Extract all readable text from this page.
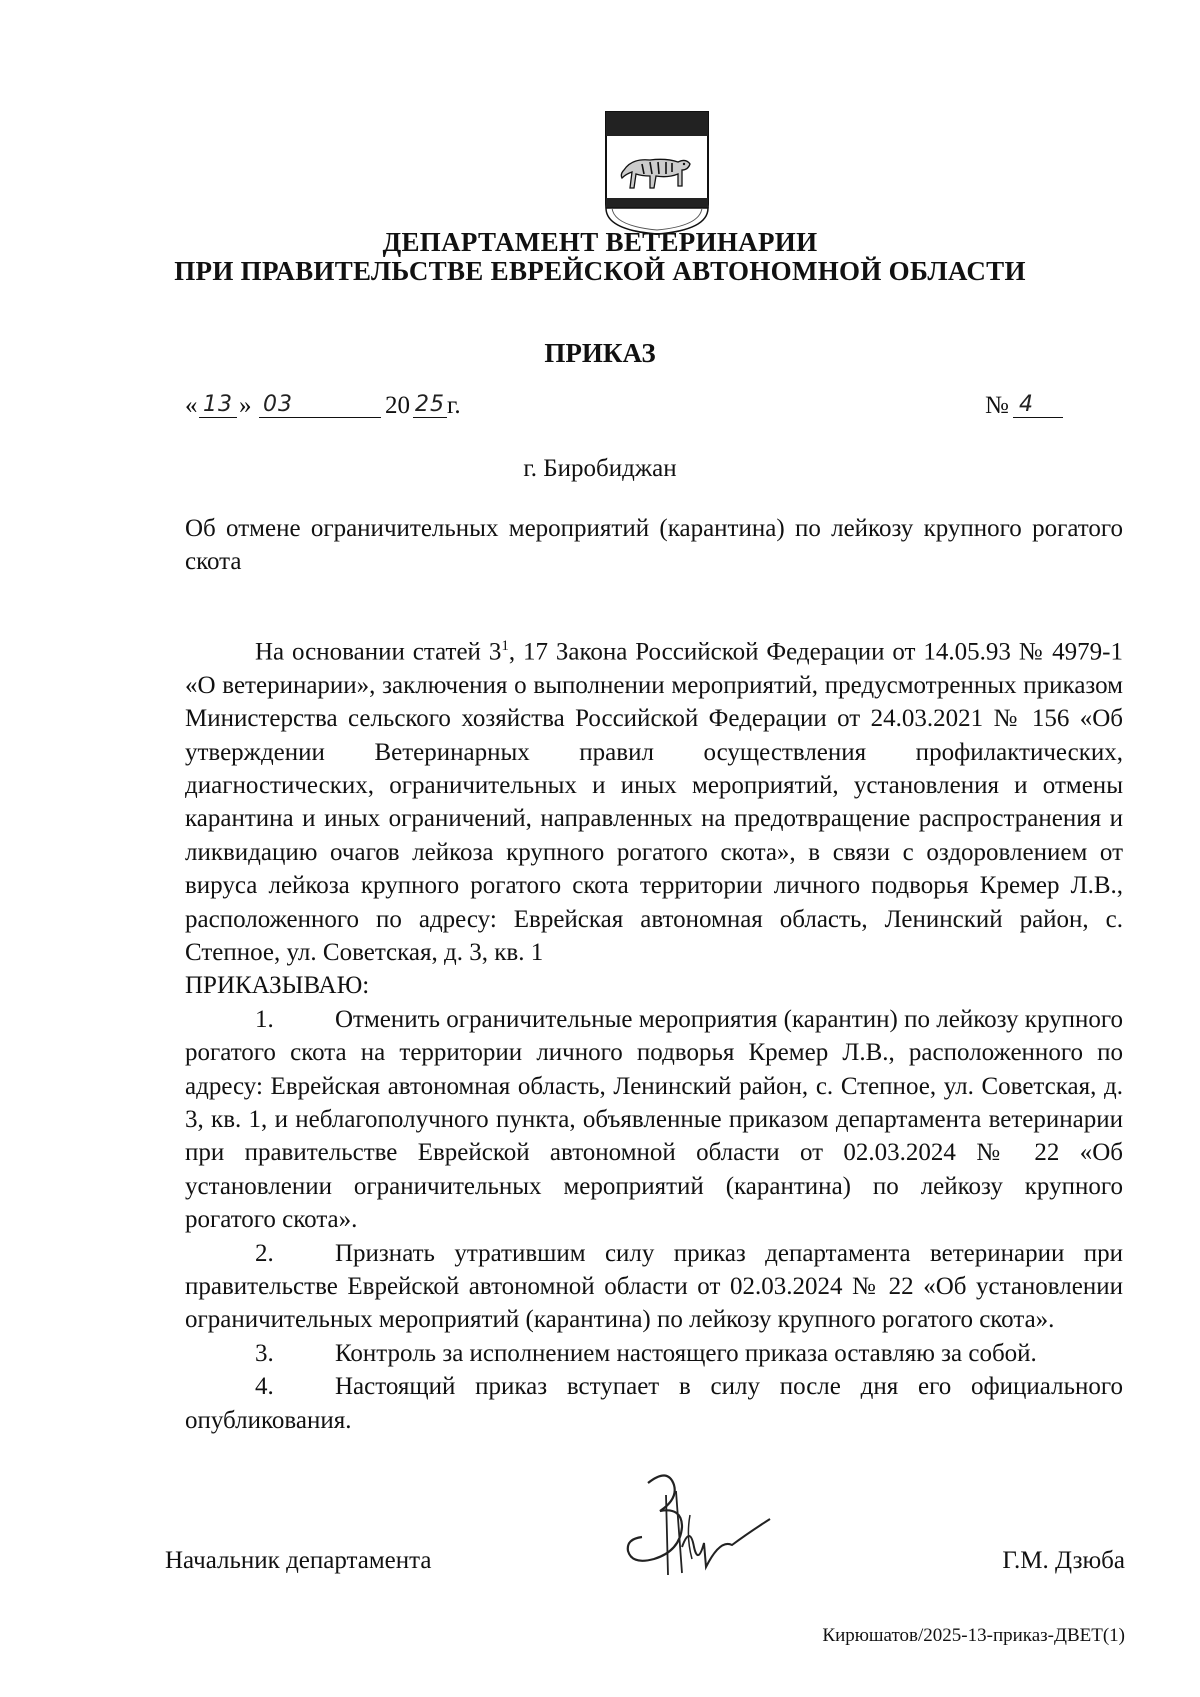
ДЕПАРТАМЕНТ ВЕТЕРИНАРИИ
ПРИ ПРАВИТЕЛЬСТВЕ ЕВРЕЙСКОЙ АВТОНОМНОЙ ОБЛАСТИ
ПРИКАЗ
« 13 » 03	20 25 г.	№ 4
г. Биробиджан
Об отмене ограничительных мероприятий (карантина) по лейкозу крупного рогатого скота

На основании статей $3^1$, 17 Закона Российской Федерации от 14.05.93 № 4979-1 «О ветеринарии», заключения о выполнении мероприятий, предусмотренных приказом Министерства сельского хозяйства Российской Федерации от 24.03.2021 № 156 «Об утверждении Ветеринарных правил осуществления профилактических, диагностических, ограничительных и иных мероприятий, установления и отмены карантина и иных ограничений, направленных на предотвращение распространения и ликвидацию очагов лейкоза крупного рогатого скота», в связи с оздоровлением от вируса лейкоза крупного рогатого скота территории личного подворья Кремер Л.В., расположенного по адресу: Еврейская автономная область, Ленинский район, с. Степное, ул. Советская, д. 3, кв. 1

ПРИКАЗЫВАЮ:

1. Отменить ограничительные мероприятия (карантин) по лейкозу крупного рогатого скота на территории личного подворья Кремер Л.В., расположенного по адресу: Еврейская автономная область, Ленинский район, с. Степное, ул. Советская, д. 3, кв. 1, и неблагополучного пункта, объявленные приказом департамента ветеринарии при правительстве Еврейской автономной области от 02.03.2024 № 22 «Об установлении ограничительных мероприятий (карантина) по лейкозу крупного рогатого скота».

2. Признать утратившим силу приказ департамента ветеринарии при правительстве Еврейской автономной области от 02.03.2024 № 22 «Об установлении ограничительных мероприятий (карантина) по лейкозу крупного рогатого скота».

3. Контроль за исполнением настоящего приказа оставляю за собой.

4. Настоящий приказ вступает в силу после дня его официального опубликования.

Начальник департамента	Г.М. Дзюба
Кирюшатов/2025-13-приказ-ДВЕТ(1)
